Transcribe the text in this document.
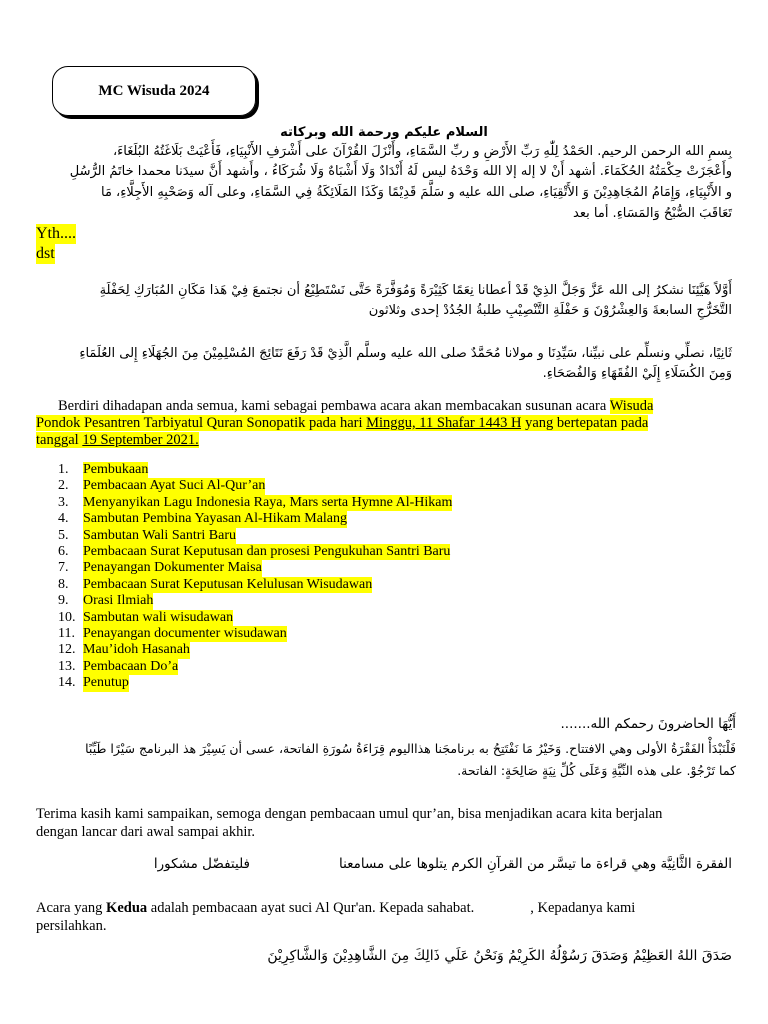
MC Wisuda 2024
السلام عليكم ورحمة الله وبركاته
بِسمِ الله الرحمن الرحيم. الحَمْدُ لِلّٰهِ رَبِّ الأَرْضِ و ربِّ السَّمَاءِ، وأَنْزَلَ القُرْآنَ على أَشْرَفِ الأَنْبِيَاءِ، فَأَعْيَتْ بَلَاغَتُهُ البُلَغَاءَ،
وأَعْجَزَتْ حِكْمَتُهُ الحُكَمَاءَ. أشهد أَنْ لا إله إلا الله وَحْدَهُ ليس لَهُ أَنْدَادٌ وَلَا أَشْبَاهٌ وَلَا شُرَكَاءُ ، وأَشهد أَنَّ سيدَنا محمدا خاتَمُ الرُّسُلِ
و الأَنْبِيَاءِ، وَإِمَامُ المُجَاهِدِيْنَ وَ الأَتْقِيَاءِ، صلى الله عليه و سَلَّمَ قَدِيْمًا وَكَذَا المَلَائِكَةُ فِي السَّمَاءِ، وعلى آله وَصَحْبِهِ الأَجِلَّاءِ، مَا
تَعَاقَبَ الصُّبْحُ وَالمَسَاءِ. أما بعد
Yth....
dst
أَوَّلاً هَيَّئِنَا نشكرُ إلى الله عَزَّ وَجَلَّ الذِيْ قَدْ أعطانا نِعَمًا كَثِيْرَةً وَمُوَفَّرَةً حَتَّى نَسْتَطِيْعُ أن نجتمعَ فِيْ هَذا مَكَانِ المُبَارَكِ لِحَفْلَةِ
التَّخَرُّجِ السابعةَ وَالعِشْرُوْنَ وَ حَفْلَةِ التَّنْصِيْبِ طلبةُ الجُدُدْ إحدى وثلاثون
ثَانِيًا، نصلِّي ونسلِّم على نبيِّنا، سَيِّدِنَا و مولانا مُحَمَّدٌ صلى الله عليه وسلَّم الَّذِيْ قَدْ رَفَعَ نَتَائِجَ المُسْلِمِيْنَ مِنَ الجُهَلَاءِ إِلى العُلَمَاءِ
وَمِنَ الكُسَلَاءِ إِلَيْ الفُقَهَاءِ وَالفُصَحَاءِ.
Berdiri dihadapan anda semua, kami sebagai pembawa acara akan membacakan susunan acara Wisuda
Pondok Pesantren Tarbiyatul Quran Sonopatik pada hari Minggu, 11 Shafar 1443 H yang bertepatan pada
tanggal 19 September 2021.
1.	Pembukaan
2.	Pembacaan Ayat Suci Al-Qur’an
3.	Menyanyikan Lagu Indonesia Raya, Mars serta Hymne Al-Hikam
4.	Sambutan Pembina Yayasan Al-Hikam Malang
5.	Sambutan Wali Santri Baru
6.	Pembacaan Surat Keputusan dan prosesi Pengukuhan Santri Baru
7.	Penayangan Dokumenter Maisa
8.	Pembacaan Surat Keputusan Kelulusan Wisudawan
9.	Orasi Ilmiah
10. Sambutan wali wisudawan
11. Penayangan documenter wisudawan
12. Mau’idoh Hasanah
13. Pembacaan Do’a
14. Penutup
أَيُّهَا الحاضرونَ رحمكم الله.......
فَلْنَبْدَأْ الفَقْرَةُ الأولى وهي الافتتاح. وَخَيْرُ مَا نَفْتَتِحُ به برنامجَنا هذاالیوم قِرَاءَةُ سُورَةِ الفاتحة، عسى أن يَسِيْرَ هذ البرنامج سَيْرًا طَيِّبًا
كما تَرْجُوْ. على هذه النِّيَّةِ وَعَلَى كُلِّ نِيَةٍ صَالِحَةٍ: الفاتحة.
Terima kasih kami sampaikan, semoga dengan pembacaan umul qur’an, bisa menjadikan acara kita berjalan
dengan lancar dari awal sampai akhir.
الفقرة الثَّانِيَّة وهي قراءة ما تيسَّر من القرآنِ الكرم يتلوها على مسامعنا
فليتفضّل مشكورا
Acara yang Kedua adalah pembacaan ayat suci Al Qur'an. Kepada sahabat.	, Kepadanya kami
persilahkan.
صَدَقَ اللهُ العَظِيْمُ وَصَدَقَ رَسُوْلُهُ الكَرِيْمُ وَنَحْنُ عَلَي ذَالِكَ مِنَ الشَّاهِدِيْنَ وَالشَّاكِرِيْنَ
